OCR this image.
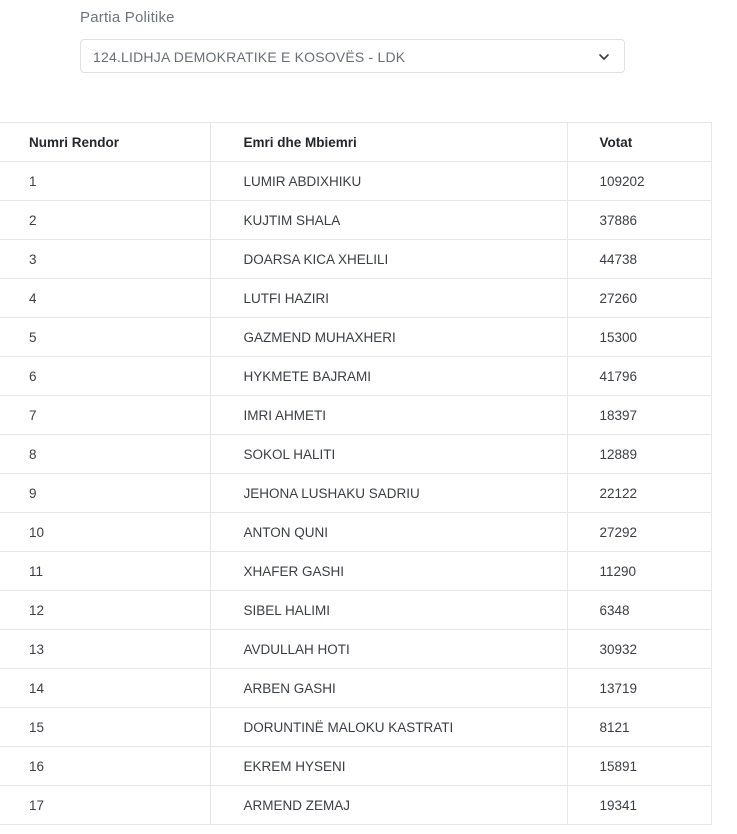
Partia Politike
124.LIDHJA DEMOKRATIKE E KOSOVËS - LDK
Numri Rendor	Emri dhe Mbiemri	Votat
1	LUMIR ABDIXHIKU	109202
2	KUJTIM SHALA	37886
3	DOARSA KICA XHELILI	44738
4	LUTFI HAZIRI	27260
5	GAZMEND MUHAXHERI	15300
6	HYKMETE BAJRAMI	41796
7	IMRI AHMETI	18397
8	SOKOL HALITI	12889
9	JEHONA LUSHAKU SADRIU	22122
10	ANTON QUNI	27292
11	XHAFER GASHI	11290
12	SIBEL HALIMI	6348
13	AVDULLAH HOTI	30932
14	ARBEN GASHI	13719
15	DORUNTINË MALOKU KASTRATI	8121
16	EKREM HYSENI	15891
17	ARMEND ZEMAJ	19341
